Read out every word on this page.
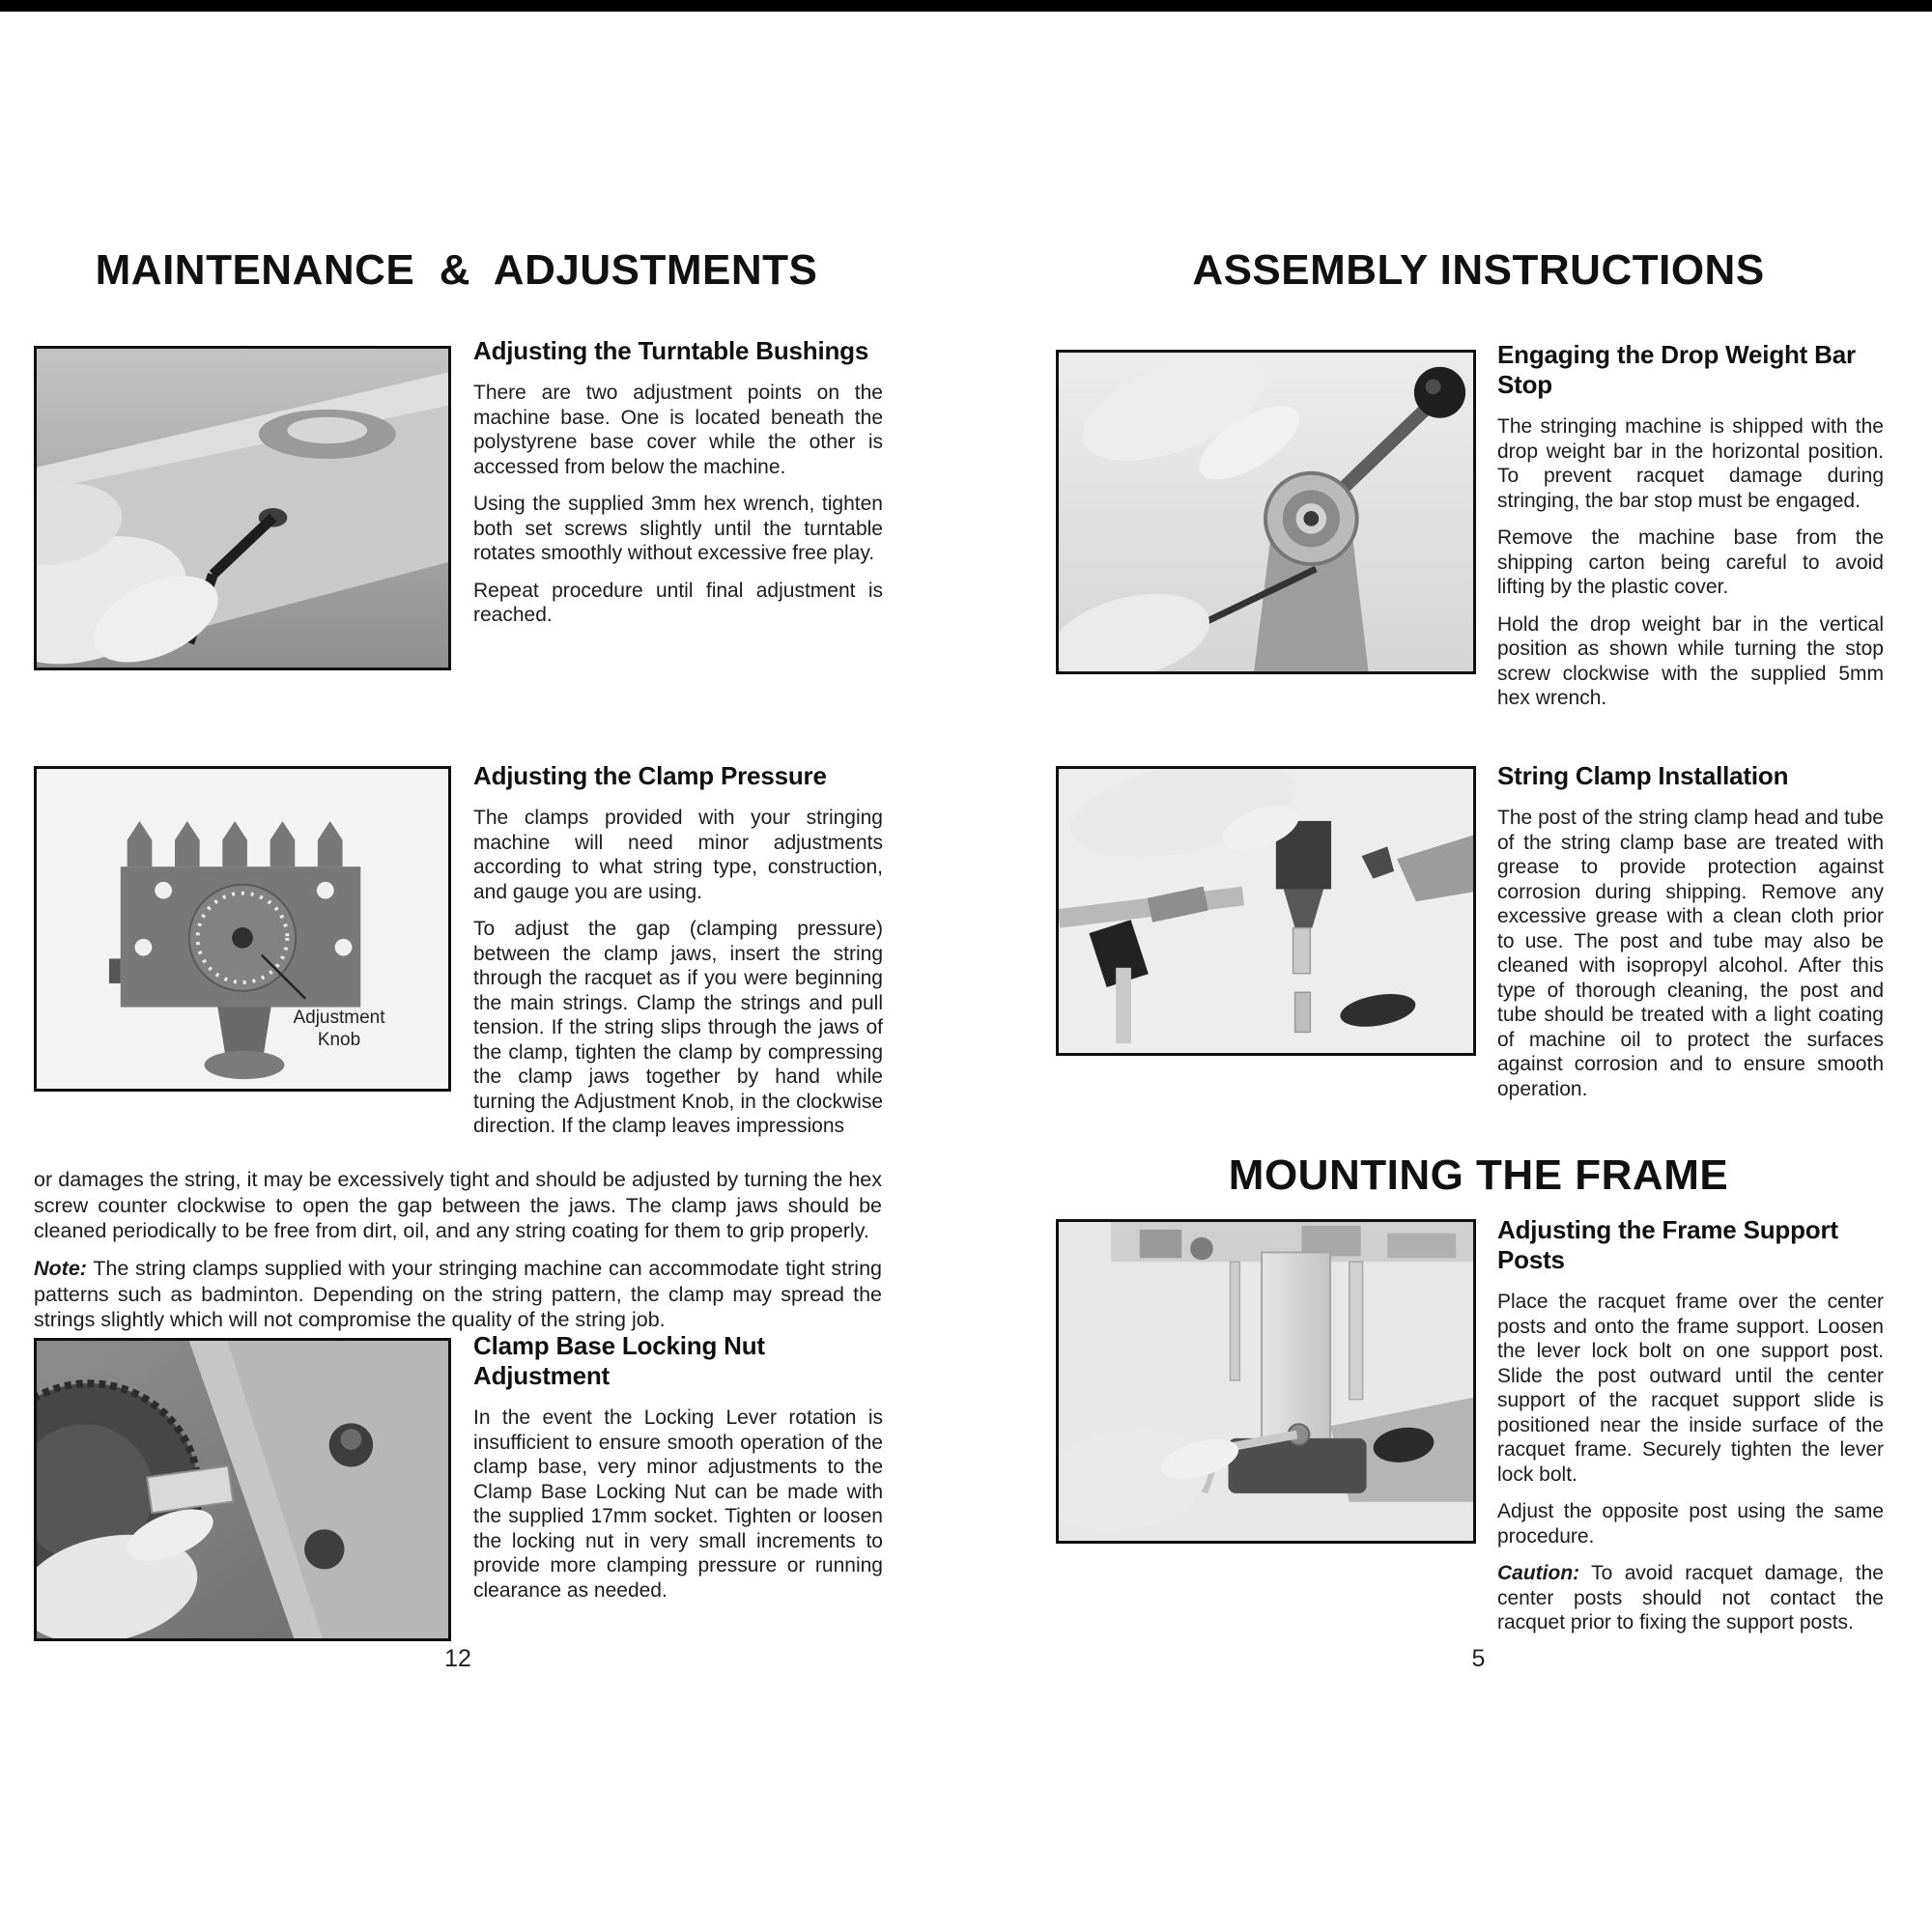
MAINTENANCE  &  ADJUSTMENTS
Adjusting the Turntable Bushings

There are two adjustment points on the machine base. One is located beneath the polystyrene base cover while the other is accessed from below the machine.

Using the supplied 3mm hex wrench, tighten both set screws slightly until the turntable rotates smoothly without excessive free play.

Repeat procedure until final adjustment is reached.

Adjustment Knob
Adjusting the Clamp Pressure

The clamps provided with your stringing machine will need minor adjustments according to what string type, construction, and gauge you are using.

To adjust the gap (clamping pressure) between the clamp jaws, insert the string through the racquet as if you were beginning the main strings. Clamp the strings and pull tension. If the string slips through the jaws of the clamp, tighten the clamp by compressing the clamp jaws together by hand while turning the Adjustment Knob, in the clockwise direction. If the clamp leaves impressions

or damages the string, it may be excessively tight and should be adjusted by turning the hex screw counter clockwise to open the gap between the jaws. The clamp jaws should be cleaned periodically to be free from dirt, oil, and any string coating for them to grip properly.

Note: The string clamps supplied with your stringing machine can accommodate tight string patterns such as badminton. Depending on the string pattern, the clamp may spread the strings slightly which will not compromise the quality of the string job.

Clamp Base Locking Nut Adjustment

In the event the Locking Lever rotation is insufficient to ensure smooth operation of the clamp base, very minor adjustments to the Clamp Base Locking Nut can be made with the supplied 17mm socket. Tighten or loosen the locking nut in very small increments to provide more clamping pressure or running clearance as needed.

12
ASSEMBLY INSTRUCTIONS
Engaging the Drop Weight Bar Stop

The stringing machine is shipped with the drop weight bar in the horizontal position. To prevent racquet damage during stringing, the bar stop must be engaged.

Remove the machine base from the shipping carton being careful to avoid lifting by the plastic cover.

Hold the drop weight bar in the vertical position as shown while turning the stop screw clockwise with the supplied 5mm hex wrench.

String Clamp Installation

The post of the string clamp head and tube of the string clamp base are treated with grease to provide protection against corrosion during shipping. Remove any excessive grease with a clean cloth prior to use. The post and tube may also be cleaned with isopropyl alcohol. After this type of thorough cleaning, the post and tube should be treated with a light coating of machine oil to protect the surfaces against corrosion and to ensure smooth operation.

MOUNTING THE FRAME
Adjusting the Frame Support Posts

Place the racquet frame over the center posts and onto the frame support. Loosen the lever lock bolt on one support post. Slide the post outward until the center support of the racquet support slide is positioned near the inside surface of the racquet frame. Securely tighten the lever lock bolt.

Adjust the opposite post using the same procedure.

Caution: To avoid racquet damage, the center posts should not contact the racquet prior to fixing the support posts.

5
